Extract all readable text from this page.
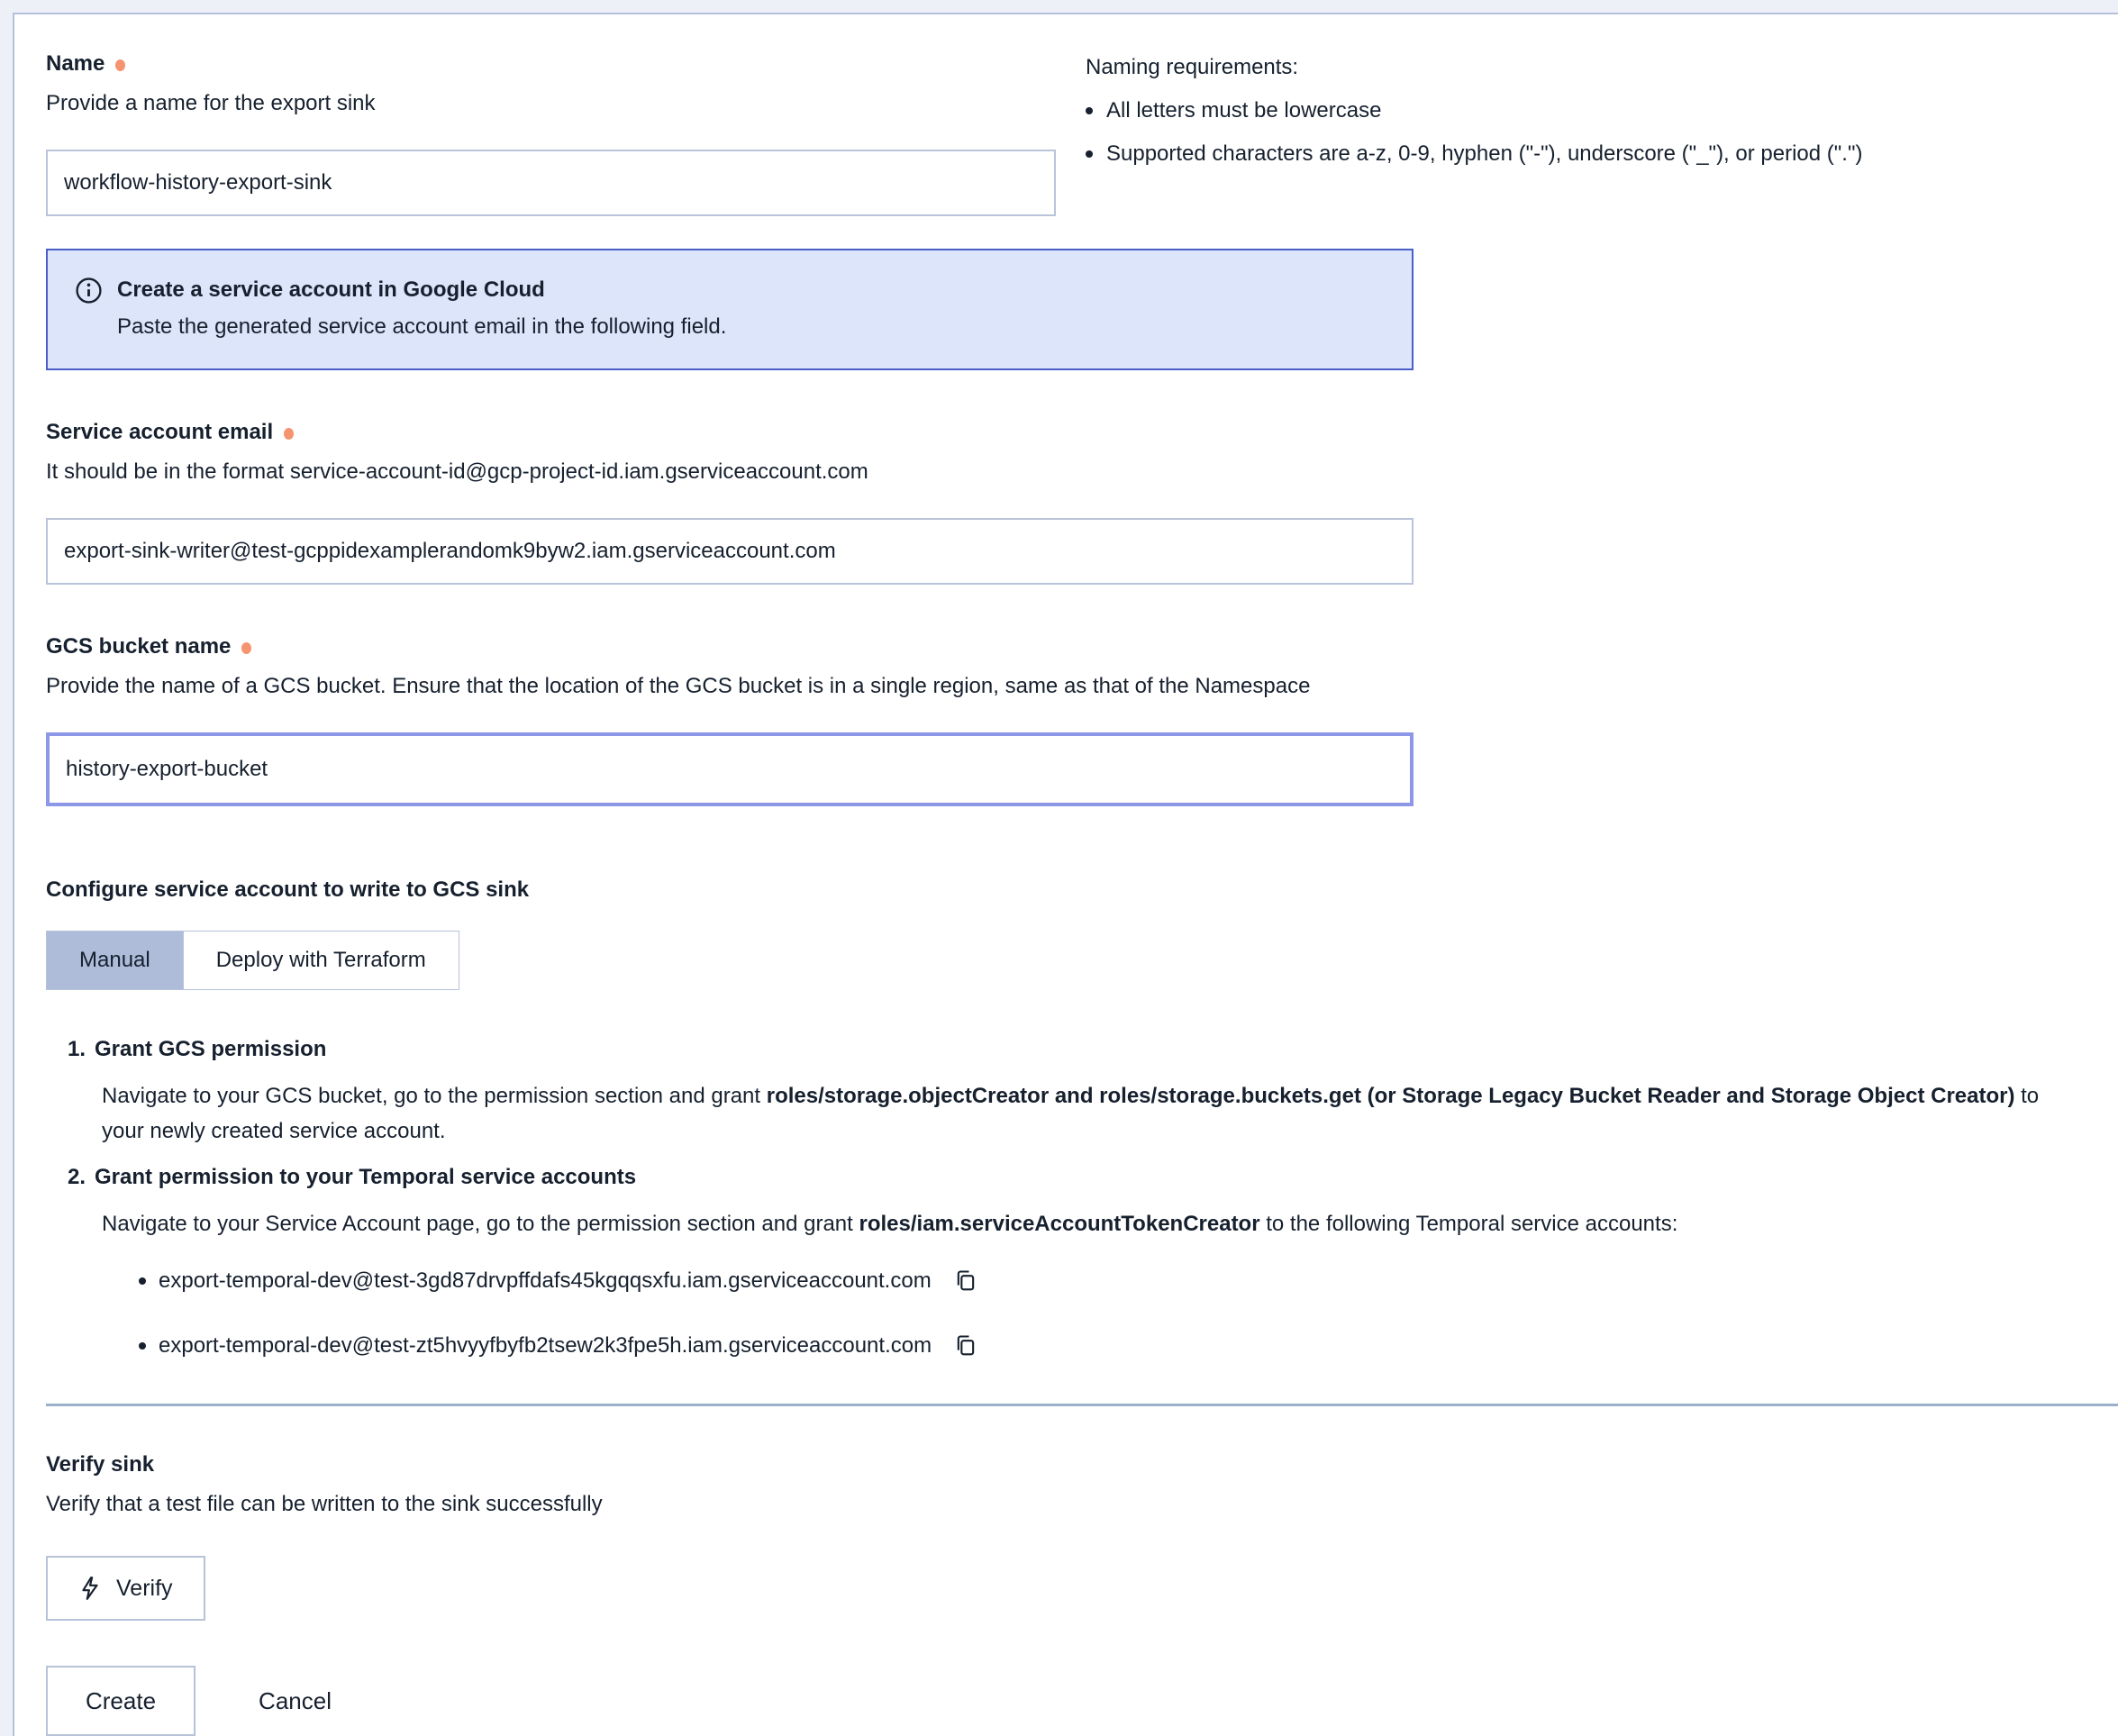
Name
Provide a name for the export sink
workflow-history-export-sink
Naming requirements:
All letters must be lowercase
Supported characters are a-z, 0-9, hyphen ("-"), underscore ("_"), or period (".")
Create a service account in Google Cloud
Paste the generated service account email in the following field.
Service account email
It should be in the format service-account-id@gcp-project-id.iam.gserviceaccount.com
export-sink-writer@test-gcppidexamplerandomk9byw2.iam.gserviceaccount.com
GCS bucket name
Provide the name of a GCS bucket. Ensure that the location of the GCS bucket is in a single region, same as that of the Namespace
history-export-bucket
Configure service account to write to GCS sink
Manual	Deploy with Terraform
1. Grant GCS permission
Navigate to your GCS bucket, go to the permission section and grant roles/storage.objectCreator and roles/storage.buckets.get (or Storage Legacy Bucket Reader and Storage Object Creator) to your newly created service account.
2. Grant permission to your Temporal service accounts
Navigate to your Service Account page, go to the permission section and grant roles/iam.serviceAccountTokenCreator to the following Temporal service accounts:
export-temporal-dev@test-3gd87drvpffdafs45kgqqsxfu.iam.gserviceaccount.com
export-temporal-dev@test-zt5hvyyfbyfb2tsew2k3fpe5h.iam.gserviceaccount.com
Verify sink
Verify that a test file can be written to the sink successfully
Verify
Create	Cancel
